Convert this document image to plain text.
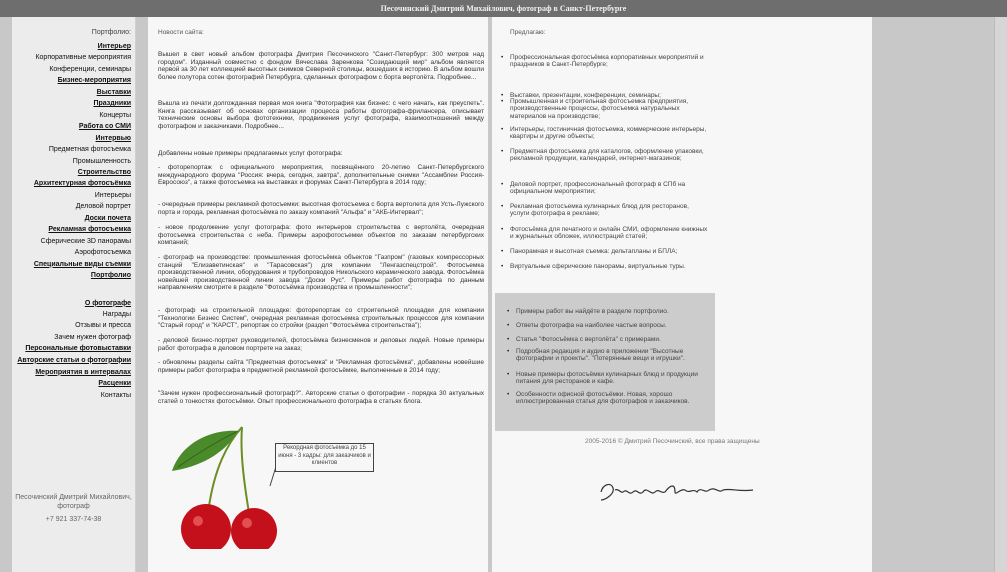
Песочинский Дмитрий Михайлович, фотограф в Санкт-Петербурге
Портфолио:
Интерьер
Корпоративные мероприятия
Конференции, семинары
Бизнес-мероприятия
Выставки
Праздники
Концерты
Работа со СМИ
Интервью
Предметная фотосъемка
Промышленность
Строительство
Архитектурная фотосъёмка
Интерьеры
Деловой портрет
Доски почета
Рекламная фотосъемка
Сферические 3D панорамы
Аэрофотосъемка
Специальные виды съемки
Портфолио
О фотографе
Награды
Отзывы и прессa
Зачем нужен фотограф
Персональные фотовыставки
Авторские статьи о фотографии
Мероприятия в интервалах
Расценки
Контакты
Песочинский Дмитрий Михайлович, фотограф
+7 921 337-74-38
Новости сайта:

Вышел в свет новый альбом фотографа Дмитрия Песочинского "Санкт-Петербург: 300 метров над городом". Изданный совместно с фондом Вячеслава Заренкова "Созидающий мир" альбом является первой за 30 лет коллекцией высотных снимков Северной столицы, вошедших в историю. В альбом вошли более полутора сотен фотографий Петербурга, сделанных фотографом с борта вертолёта. Подробнее...

Вышла из печати долгожданная первая моя книга "Фотография как бизнес: с чего начать, как преуспеть". Книга рассказывает об основах организации процесса работы фотографа-фрилансера, описывает технические основы выбора фототехники, продвижения услуг фотографа, взаимоотношений между фотографом и заказчиками. Подробнее...

Добавлены новые примеры предлагаемых услуг фотографа:

- фоторепортаж с официального мероприятия, посвящённого 20-летию Санкт-Петербургского международного форума "Россия: вчера, сегодня, завтра", дополнительные снимки "Ассамблеи Россия-Евросоюз", а также фотосъемка на выставках и форумах Санкт-Петербурга в 2014 году;

- очередные примеры рекламной фотосъемки: высотная фотосъемка с борта вертолета для Усть-Лужского порта и города, рекламная фотосъёмка по заказу компаний "Альфа" и "АКБ-Интервал";

- новое продолжение услуг фотографа: фото интерьеров строительства с вертолёта, очередная фотосъемка строительства с неба. Примеры аэрофотосъемки объектов по заказам петербургских компаний;

- фотограф на производстве: промышленная фотосъёмка объектов "Газпром" (газовых компрессорных станций "Елизаветинская" и "Тарасовская") для компании "Ленгазспецстрой". Фотосъемка производственной линии, оборудования и трубопроводов Никольского керамического завода. Фотосъёмка новейшей производственной линии завода "Доски Рус". Примеры работ фотографа по данным направлениям смотрите в разделе "Фотосъёмка производства и промышленности";

- фотограф на строительной площадке: фоторепортаж со строительной площадки для компании "Технологии Бизнес Систем", очередная рекламная фотосъемка строительных процессов для компании "Старый город" и "КАРСТ", репортаж со стройки (раздел "Фотосъёмка строительства");

- деловой бизнес-портрет руководителей, фотосъёмка бизнесменов и деловых людей. Новые примеры работ фотографа в деловом портрете на заказ;

- обновлены разделы сайта "Предметная фотосъемка" и "Рекламная фотосъёмка", добавлены новейшие примеры работ фотографа в предметной рекламной фотосъёмке, выполненные в 2014 году;

"Зачем нужен профессиональный фотограф?". Авторские статьи о фотографии - порядка 30 актуальных статей о тонкостях фотосъёмки. Опыт профессионального фотографа в статьях блога.

Рекордная фотосъемка до 15 июня - 3 кадры: для заказчиков и клиентов
Предлагаю:

• Профессиональная фотосъёмка корпоративных мероприятий и праздников в Санкт-Петербурге;

• Выставки, презентации, конференции, семинары;

• Промышленная и строительная фотосъемка предприятия, производственные процессы, фотосъемка натуральных материалов на производстве;

• Интерьеры, гостиничная фотосъемка, коммерческие интерьеры, квартиры и другие объекты;

• Предметная фотосъемка для каталогов, оформление упаковки, рекламной продукции, календарей, интернет-магазинов;

• Деловой портрет, профессиональный фотограф в СПб на официальном мероприятии;

• Рекламная фотосъемка кулинарных блюд для ресторанов, услуги фотографа в рекламе;

• Фотосъёмка для печатного и онлайн СМИ, оформление книжных и журнальных обложек, иллюстраций статей;

• Панорамная и высотная съемка: дельтапланы и БПЛА;

• Виртуальные сферические панорамы, виртуальные туры.

• Примеры работ вы найдёте в разделе портфолио.

• Ответы фотографа на наиболее частые вопросы.

• Статья "Фотосъёмка с вертолёта" с примерами.

• Подробная редакция и аудио в приложении "Высотные фотографии и проекты". "Потерянные вещи и игрушки".

• Новые примеры фотосъёмки кулинарных блюд и продукции питания для ресторанов и кафе.

• Особенности офисной фотосъёмки. Новая, хорошо иллюстрированная статья для фотографов и заказчиков.

2005-2016 © Дмитрий Песочинский, все права защищены
